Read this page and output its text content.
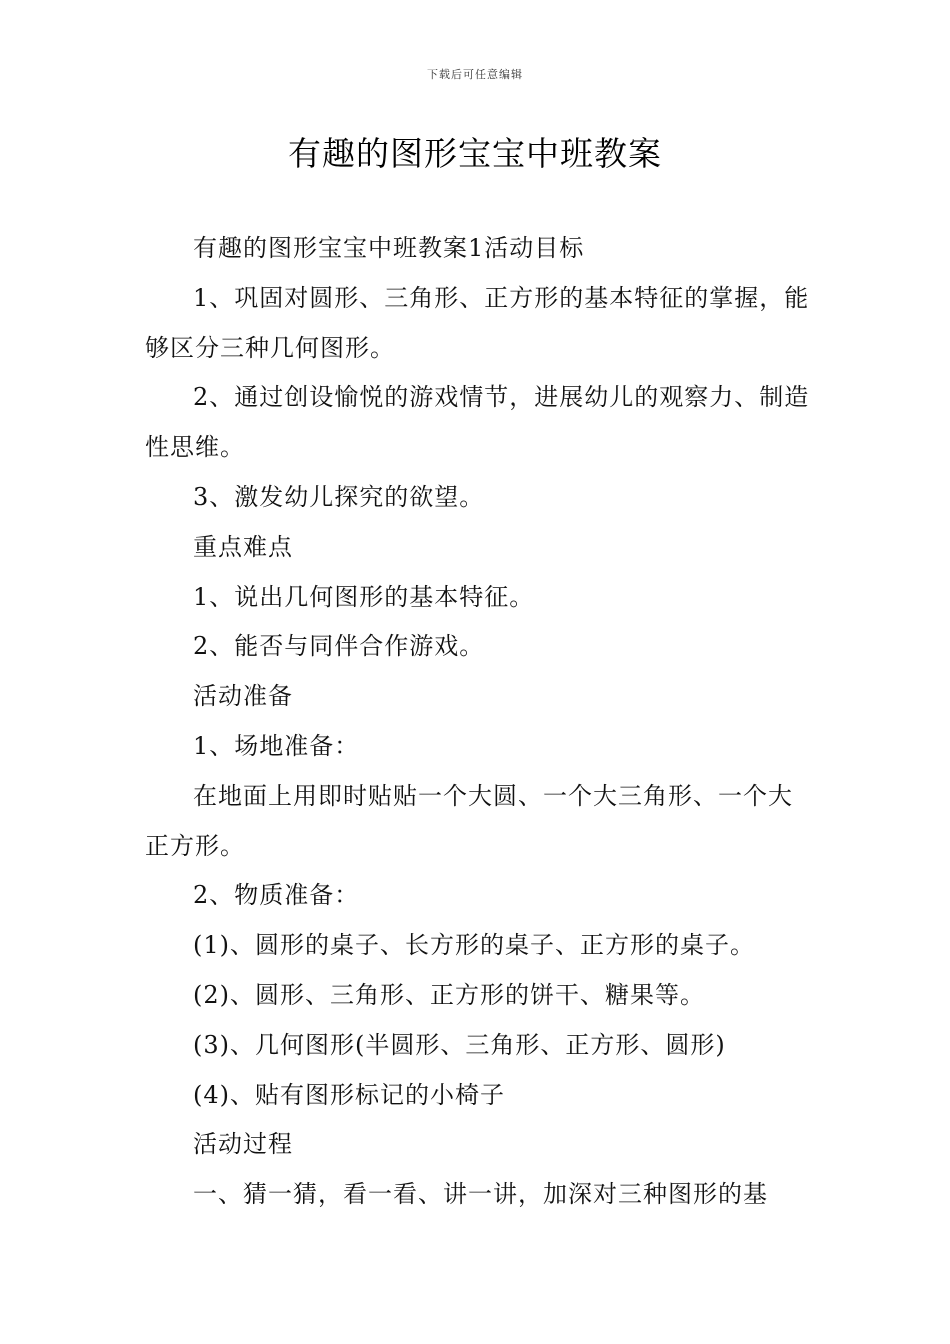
下载后可任意编辑
有趣的图形宝宝中班教案

有趣的图形宝宝中班教案1活动目标

1、巩固对圆形、三角形、正方形的基本特征的掌握，能够区分三种几何图形。

2、通过创设愉悦的游戏情节，进展幼儿的观察力、制造性思维。

3、激发幼儿探究的欲望。

重点难点

1、说出几何图形的基本特征。

2、能否与同伴合作游戏。

活动准备

1、场地准备：

在地面上用即时贴贴一个大圆、一个大三角形、一个大正方形。

2、物质准备：

(1)、圆形的桌子、长方形的桌子、正方形的桌子。

(2)、圆形、三角形、正方形的饼干、糖果等。

(3)、几何图形(半圆形、三角形、正方形、圆形)

(4)、贴有图形标记的小椅子

活动过程

一、猜一猜，看一看、讲一讲，加深对三种图形的基
